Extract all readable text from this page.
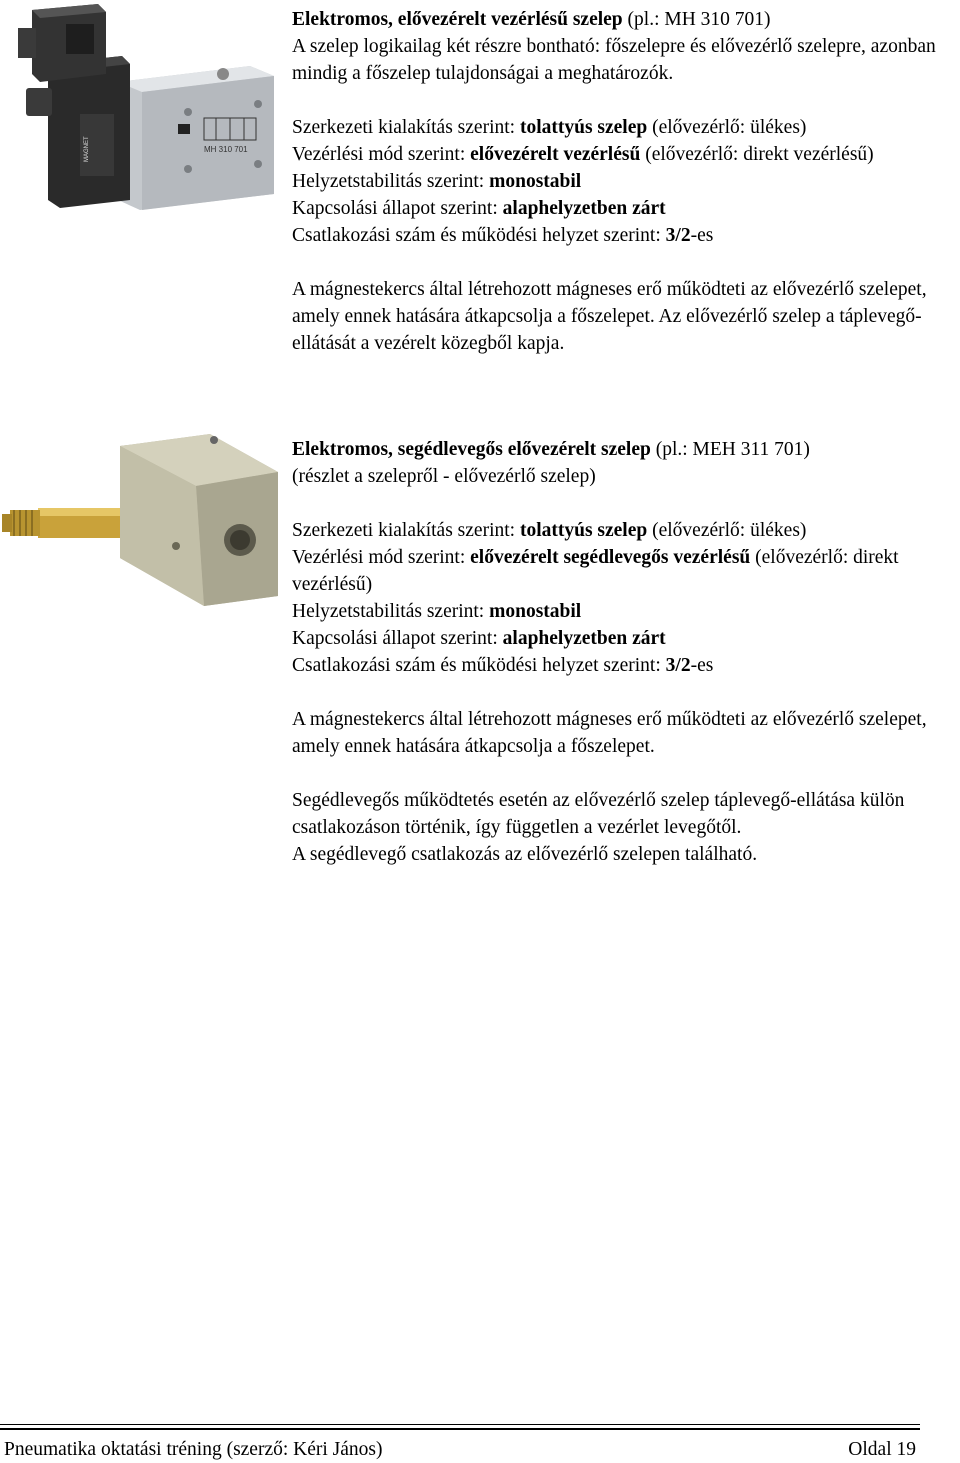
MH 310 701
MAGNET

Elektromos, elővezérelt vezérlésű szelep (pl.: MH 310 701)

A szelep logikailag két részre bontható: főszelepre és elővezérlő szelepre, azonban mindig a főszelep tulajdonságai a meghatározók.

Szerkezeti kialakítás szerint: tolattyús szelep (elővezérlő: ülékes)

Vezérlési mód szerint: elővezérelt vezérlésű (elővezérlő: direkt vezérlésű)

Helyzetstabilitás szerint: monostabil

Kapcsolási állapot szerint: alaphelyzetben zárt

Csatlakozási szám és működési helyzet szerint: 3/2-es

A mágnestekercs által létrehozott mágneses erő működteti az elővezérlő szelepet, amely ennek hatására átkapcsolja a főszelepet. Az elővezérlő szelep a táplevegő-ellátását a vezérelt közegből kapja.

Elektromos, segédlevegős elővezérelt szelep (pl.: MEH 311 701)

(részlet a szelepről - elővezérlő szelep)

Szerkezeti kialakítás szerint: tolattyús szelep (elővezérlő: ülékes)

Vezérlési mód szerint: elővezérelt segédlevegős vezérlésű (elővezérlő: direkt vezérlésű)

Helyzetstabilitás szerint: monostabil

Kapcsolási állapot szerint: alaphelyzetben zárt

Csatlakozási szám és működési helyzet szerint: 3/2-es

A mágnestekercs által létrehozott mágneses erő működteti az elővezérlő szelepet, amely ennek hatására átkapcsolja a főszelepet.

Segédlevegős működtetés esetén az elővezérlő szelep táplevegő-ellátása külön csatlakozáson történik, így független a vezérlet levegőtől.

A segédlevegő csatlakozás az elővezérlő szelepen található.

Pneumatika oktatási tréning (szerző: Kéri János)	Oldal 19
